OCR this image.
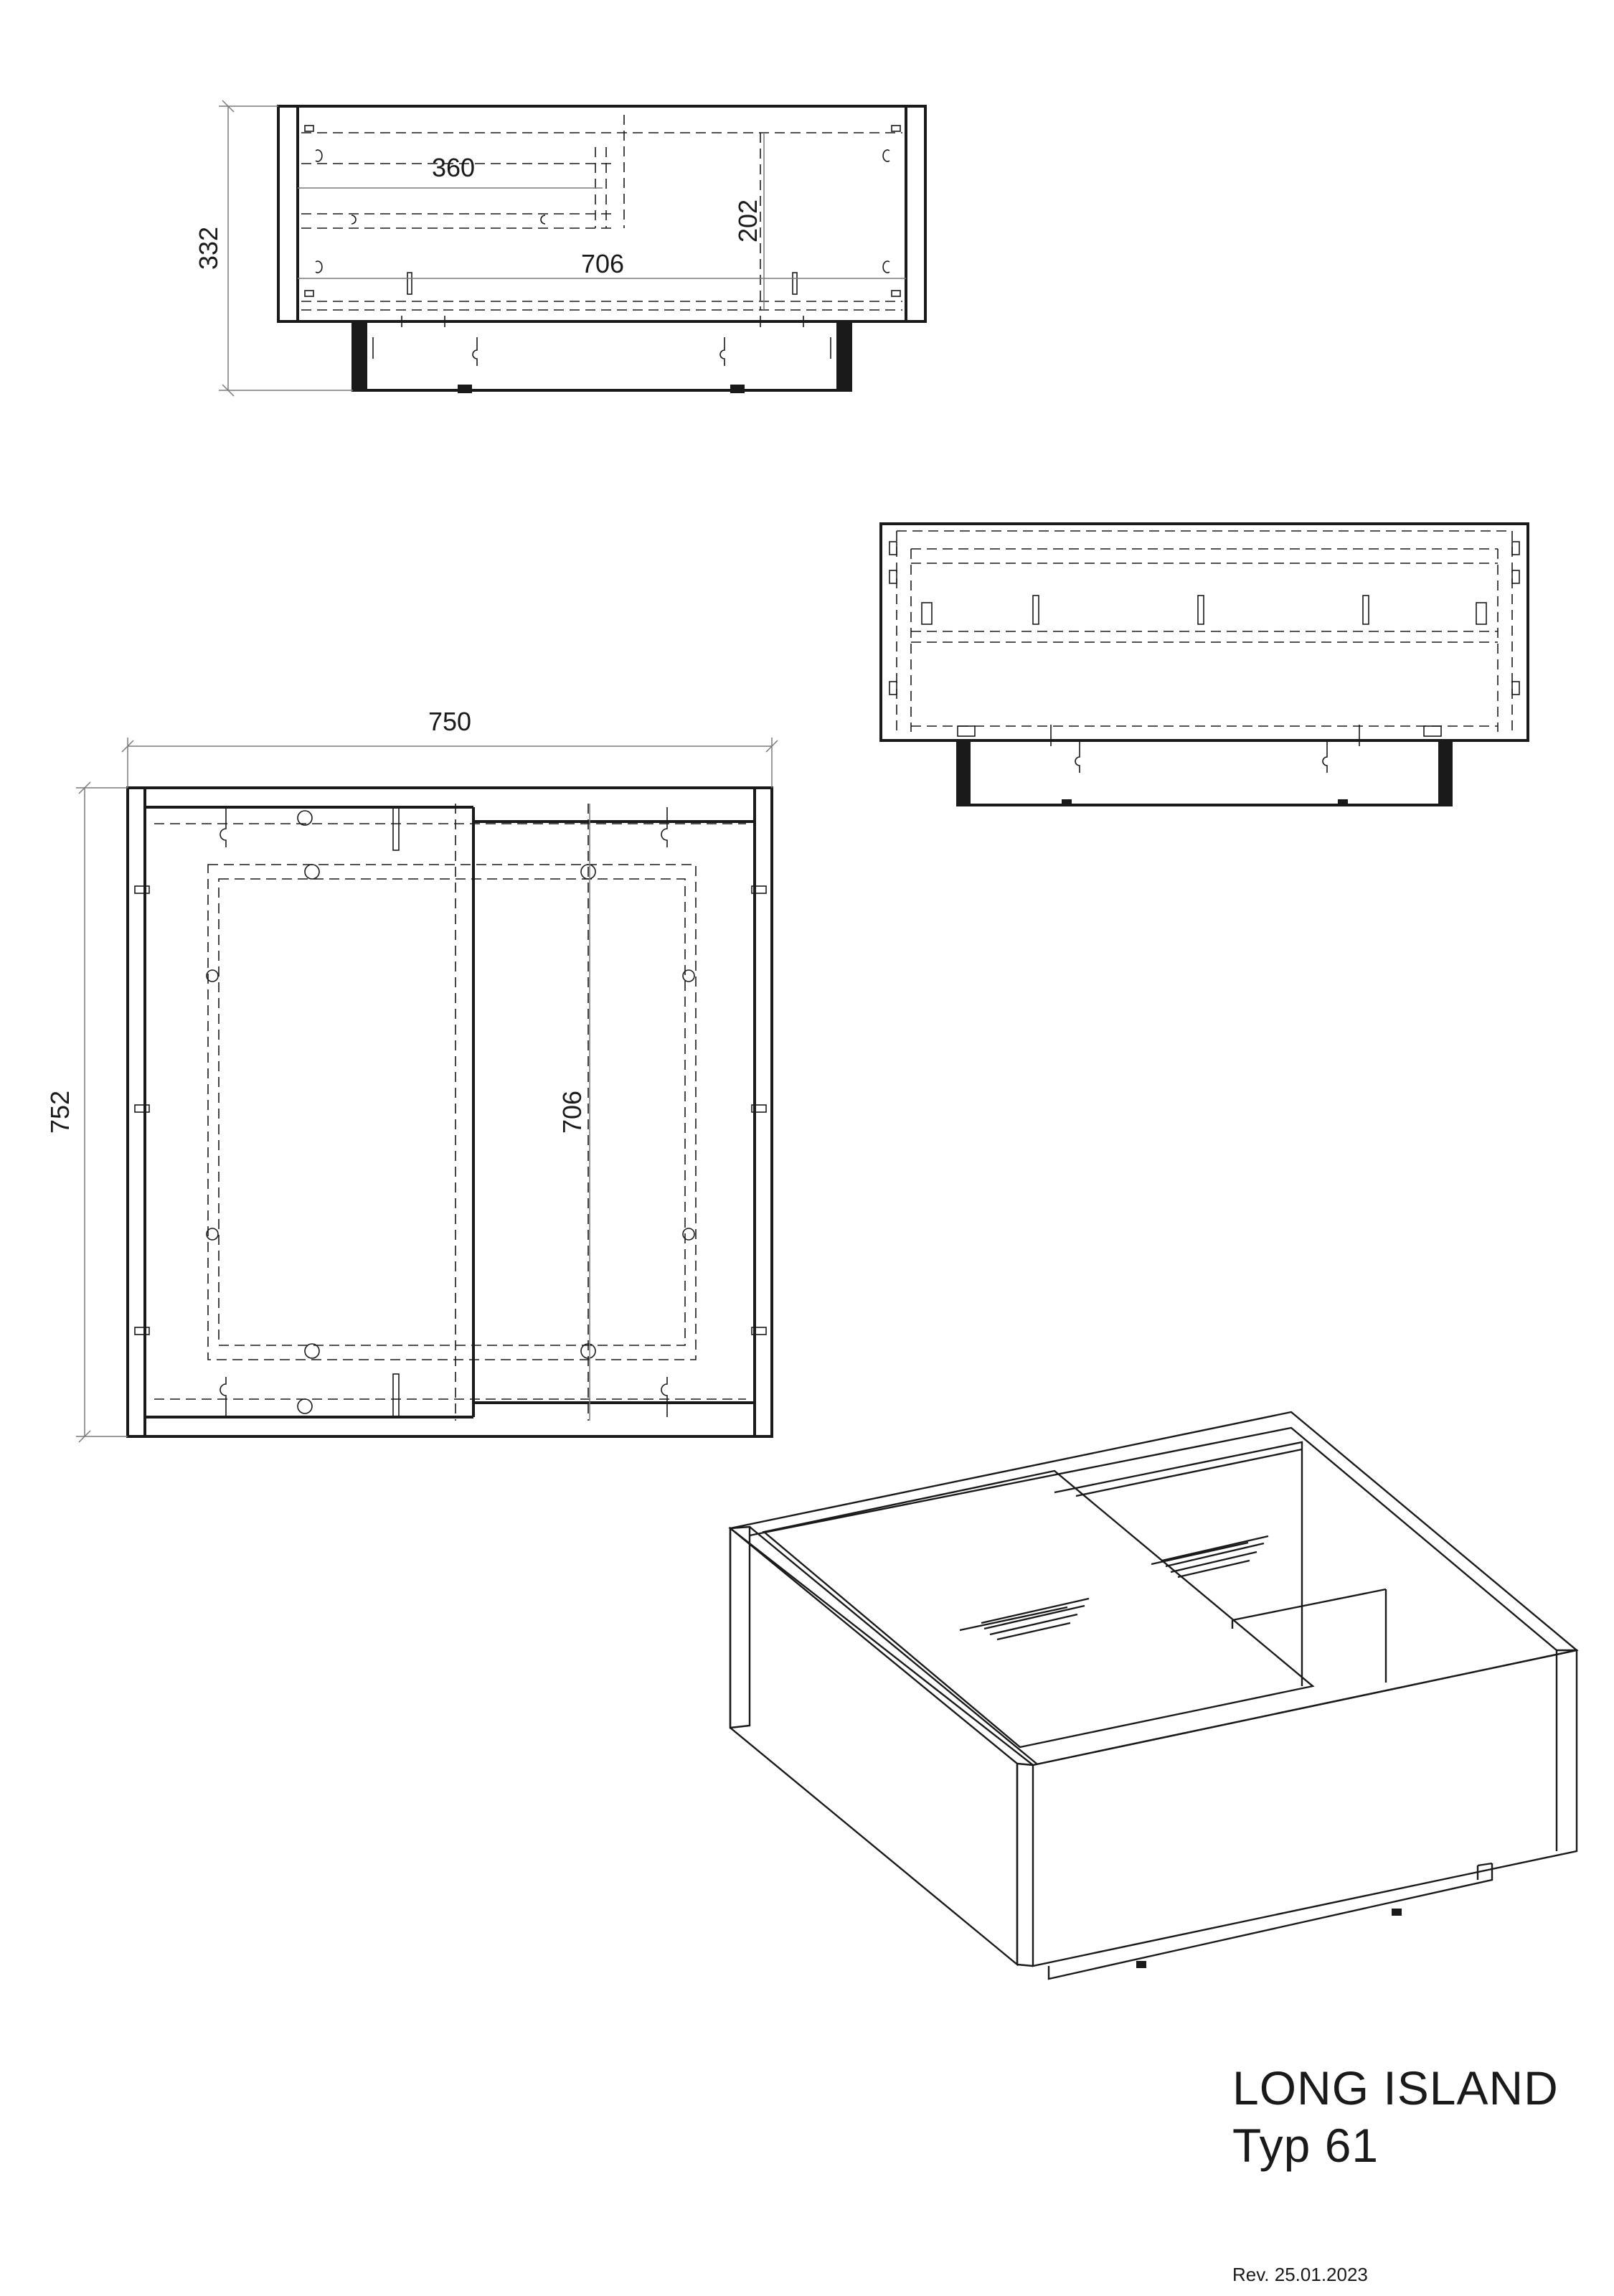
332
360
202
706
750
752	706
LONG ISLAND
Typ 61
Rev. 25.01.2023
